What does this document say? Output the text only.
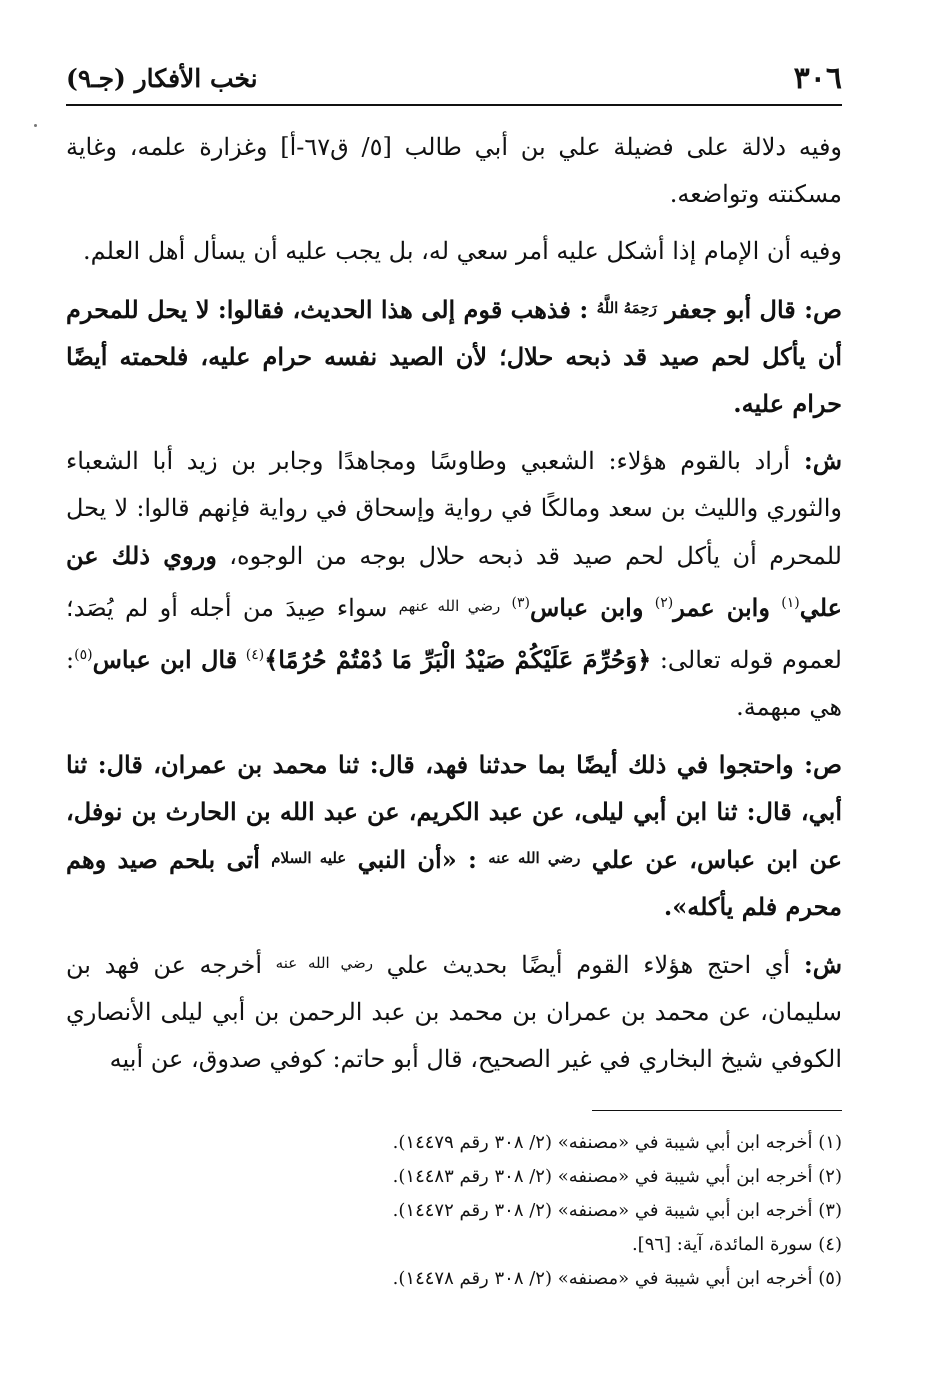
٣٠٦
نخب الأفكار (جـ٩)

وفيه دلالة على فضيلة علي بن أبي طالب [٥/ ق٦٧-أ] وغزارة علمه، وغاية مسكنته وتواضعه.

وفيه أن الإمام إذا أشكل عليه أمر سعي له، بل يجب عليه أن يسأل أهل العلم.

ص: قال أبو جعفر $^{رَحِمَهُ اللَّهُ}$ : فذهب قوم إلى هذا الحديث، فقالوا: لا يحل للمحرم أن يأكل لحم صيد قد ذبحه حلال؛ لأن الصيد نفسه حرام عليه، فلحمته أيضًا حرام عليه.

ش: أراد بالقوم هؤلاء: الشعبي وطاوسًا ومجاهدًا وجابر بن زيد أبا الشعباء والثوري والليث بن سعد ومالكًا في رواية وإسحاق في رواية فإنهم قالوا: لا يحل للمحرم أن يأكل لحم صيد قد ذبحه حلال بوجه من الوجوه، وروي ذلك عن علي$^{(١)}$ وابن عمر$^{(٢)}$ وابن عباس$^{(٣)}$ $^{رضي الله عنهم}$ سواء صِيدَ من أجله أو لم يُصَد؛ لعموم قوله تعالى: ﴿وَحُرِّمَ عَلَيْكُمْ صَيْدُ الْبَرِّ مَا دُمْتُمْ حُرُمًا﴾$^{(٤)}$ قال ابن عباس$^{(٥)}$: هي مبهمة.

ص: واحتجوا في ذلك أيضًا بما حدثنا فهد، قال: ثنا محمد بن عمران، قال: ثنا أبي، قال: ثنا ابن أبي ليلى، عن عبد الكريم، عن عبد الله بن الحارث بن نوفل، عن ابن عباس، عن علي $^{رضي الله عنه}$ : «أن النبي $^{عليه السلام}$ أتى بلحم صيد وهم محرم فلم يأكله».

ش: أي احتج هؤلاء القوم أيضًا بحديث علي $^{رضي الله عنه}$ أخرجه عن فهد بن سليمان، عن محمد بن عمران بن محمد بن عبد الرحمن بن أبي ليلى الأنصاري الكوفي شيخ البخاري في غير الصحيح، قال أبو حاتم: كوفي صدوق، عن أبيه

(١) أخرجه ابن أبي شيبة في «مصنفه» (٢/ ٣٠٨ رقم ١٤٤٧٩).

(٢) أخرجه ابن أبي شيبة في «مصنفه» (٢/ ٣٠٨ رقم ١٤٤٨٣).

(٣) أخرجه ابن أبي شيبة في «مصنفه» (٢/ ٣٠٨ رقم ١٤٤٧٢).

(٤) سورة المائدة، آية: [٩٦].

(٥) أخرجه ابن أبي شيبة في «مصنفه» (٢/ ٣٠٨ رقم ١٤٤٧٨).
